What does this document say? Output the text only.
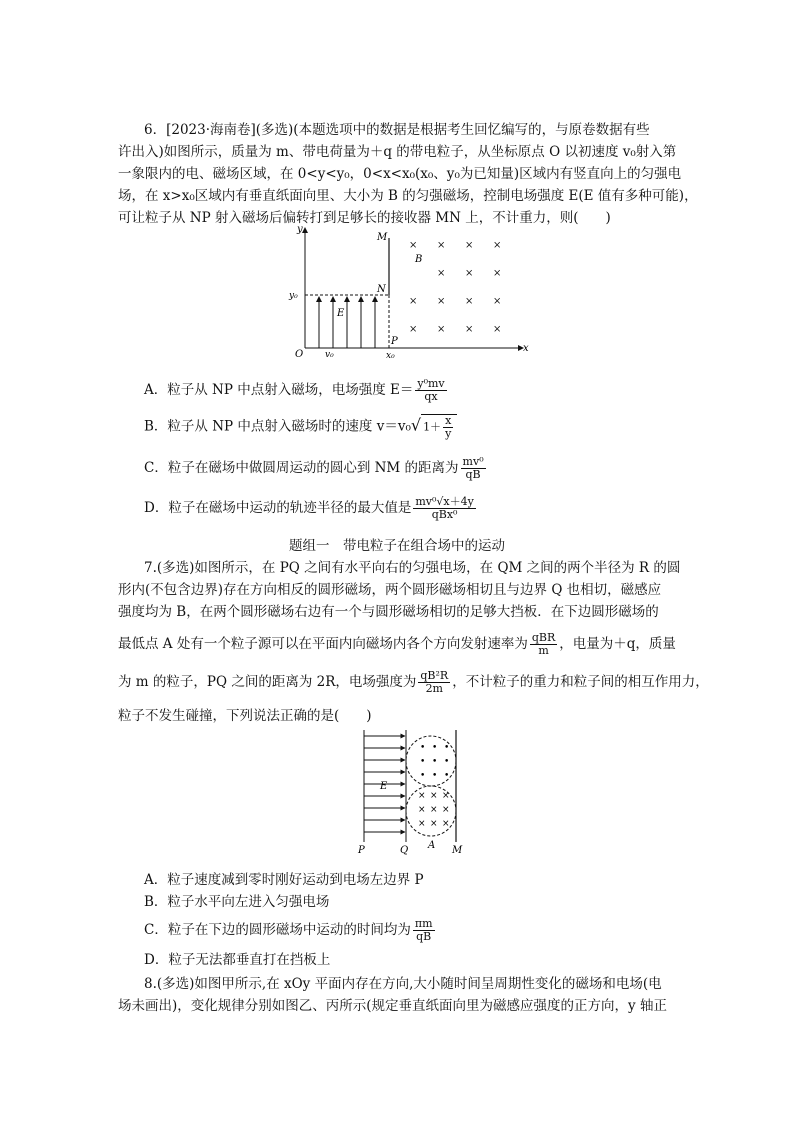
6．[2023·海南卷](多选)(本题选项中的数据是根据考生回忆编写的，与原卷数据有些
许出入)如图所示，质量为 m、带电荷量为＋q 的带电粒子，从坐标原点 O 以初速度 v₀射入第
一象限内的电、磁场区域，在 0<y<y₀，0<x<x₀(x₀、y₀为已知量)区域内有竖直向上的匀强电
场，在 x>x₀区域内有垂直纸面向里、大小为 B 的匀强磁场，控制电场强度 E(E 值有多种可能)，
可让粒子从 NP 射入磁场后偏转打到足够长的接收器 MN 上，不计重力，则(　　)
y
x
M
N
P
O
y₀
v₀	x₀
E
B
× × × ×
× × ×
× × × ×
× × × ×
A．粒子从 NP 中点射入磁场，电场强度 $E= \frac{\text{y⁰mv}}{qx}$
B．粒子从 NP 中点射入磁场时的速度 v＝v₀√ $1+ \frac{x}{y}$
C．粒子在磁场中做圆周运动的圆心到 NM 的距离为 $\frac{\text{mv⁰}}{qB}$
D．粒子在磁场中运动的轨迹半径的最大值是 $\frac{\text{mv⁰√x＋4y}}{\text{qBx⁰}}$
题组一　带电粒子在组合场中的运动
7.(多选)如图所示，在 PQ 之间有水平向右的匀强电场，在 QM 之间的两个半径为 R 的圆
形内(不包含边界)存在方向相反的圆形磁场，两个圆形磁场相切且与边界 Q 也相切，磁感应
强度均为 B，在两个圆形磁场右边有一个与圆形磁场相切的足够大挡板．在下边圆形磁场的
最低点 A 处有一个粒子源可以在平面内向磁场内各个方向发射速率为 $\frac{\text{qBR}}{m}$ ，电量为＋q，质量
为 m 的粒子，PQ 之间的距离为 2R，电场强度为 $\frac{\text{qB²R}}{2m}$ ，不计粒子的重力和粒子间的相互作用力，
粒子不发生碰撞，下列说法正确的是(　　)
• • •
• • •
• • •
× × ×
× × ×
× × ×
E
P	Q A M
A．粒子速度减到零时刚好运动到电场左边界 P
B．粒子水平向左进入匀强电场
C．粒子在下边的圆形磁场中运动的时间均为 $\frac{\pi m}{qB}$
D．粒子无法都垂直打在挡板上
8.(多选)如图甲所示,在 xOy 平面内存在方向,大小随时间呈周期性变化的磁场和电场(电
场未画出)，变化规律分别如图乙、丙所示(规定垂直纸面向里为磁感应强度的正方向，y 轴正
